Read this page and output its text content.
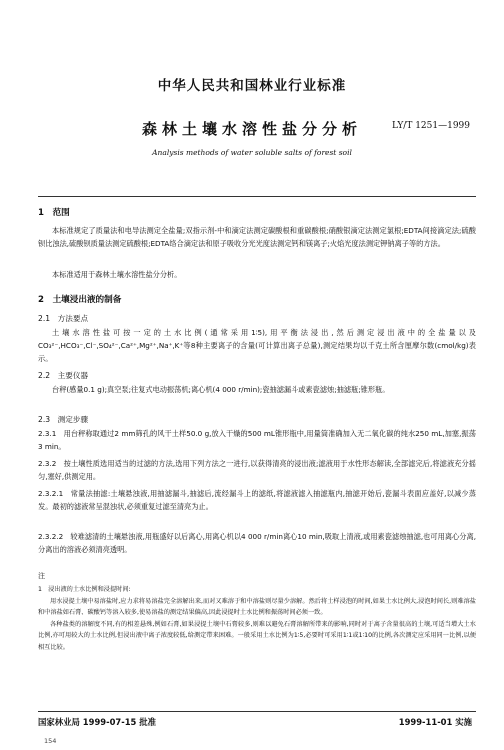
中华人民共和国林业行业标准
森林土壤水溶性盐分分析	LY/T 1251—1999
Analysis methods of water soluble salts of forest soil
1　范围
本标准规定了质量法和电导法测定全盐量;双指示剂-中和滴定法测定碳酸根和重碳酸根;硝酸银滴定法测定氯根;EDTA间接滴定法;硫酸钡比浊法,硫酸钡质量法测定硫酸根;EDTA络合滴定法和原子吸收分光光度法测定钙和镁离子;火焰光度法测定钾钠离子等的方法。
本标准适用于森林土壤水溶性盐分分析。
2　土壤浸出液的制备
2.1　方法要点
土壤水溶性盐可按一定的土水比例(通常采用1∶5),用平衡法浸出,然后测定浸出液中的全盐量以及CO₃²⁻,HCO₃⁻,Cl⁻,SO₄²⁻,Ca²⁺,Mg²⁺,Na⁺,K⁺等8种主要离子的含量(可计算出离子总量),测定结果均以千克土所含厘摩尔数(cmol/kg)表示。
2.2　主要仪器
台秤(感量0.1 g);真空泵;往复式电动振荡机;离心机(4 000 r/min);瓷抽滤漏斗或素瓷滤烛;抽滤瓶;锥形瓶。
2.3　测定步骤
2.3.1　用台秤称取通过2 mm筛孔的风干土样50.0 g,放入干燥的500 mL锥形瓶中,用量筒准确加入无二氧化碳的纯水250 mL,加塞,振荡3 min。
2.3.2　按土壤性质选用适当的过滤的方法,选用下列方法之一进行,以获得清亮的浸出液;滤液用于水性形态解读,全部滤完后,将滤液充分摇匀,塞好,供测定用。
2.3.2.1　常量法抽滤:土壤悬浊液,用抽滤漏斗,抽滤后,流经漏斗上的滤纸,将滤液滤入抽滤瓶内,抽滤开始后,瓷漏斗表面应盖好,以减少蒸发。最初的滤液常呈混浊状,必须重复过滤至清亮为止。
2.3.2.2　较难滤清的土壤悬浊液,用瓶盛好以后离心,用离心机以4 000 r/min离心10 min,吸取上清液,或用素瓷滤烛抽滤,也可用离心分离,分离出的溶液必须清亮透明。
注

1　浸出液的土水比例和浸提时间:

用水浸提土壤中易溶盐时,应力求将易溶盐完全溶解出来,而对又难溶于和中溶盐则尽量少溶解。然后将土样浸泡的时间,如果土水比例大,浸泡时间长,则难溶盐和中溶盐如石膏、碳酸钙等溶入较多,使易溶盐的测定结果偏高,因此浸提时土水比例和振荡时间必须一致。

各种盐类的溶解度不同,有的相差悬殊,例如石膏,如果浸提土壤中石膏较多,则难以避免石膏溶解所带来的影响,同时对于离子含量很高的土壤,可适当增大土水比例,亦可用较大的土水比例,但浸出液中离子浓度较低,给测定带来困难。一般采用土水比例为1∶5,必要时可采用1∶1或1∶10的比例,各次测定应采用同一比例,以便相互比较。

国家林业局 1999-07-15 批准	1999-11-01 实施
154
